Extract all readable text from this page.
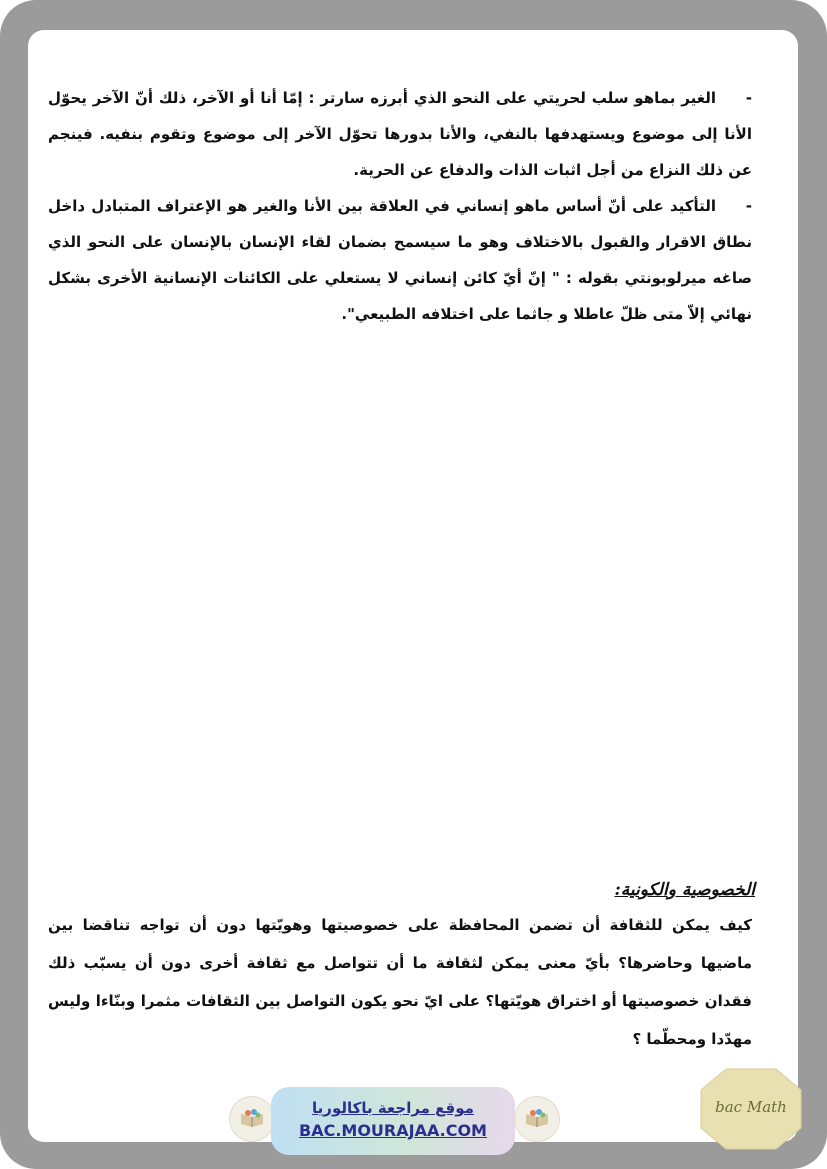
-الغير بماهو سلب لحريتي على النحو الذي أبرزه سارتر : إمّا أنا أو الآخر، ذلك أنّ الآخر يحوّل الأنا إلى موضوع ويستهدفها بالنفي، والأنا بدورها تحوّل الآخر إلى موضوع وتقوم بنفيه. فينجم عن ذلك النزاع من أجل اثبات الذات والدفاع عن الحرية.

-التأكيد على أنّ أساس ماهو إنساني في العلاقة بين الأنا والغير هو الإعتراف المتبادل داخل نطاق الاقرار والقبول بالاختلاف وهو ما سيسمح بضمان لقاء الإنسان بالإنسان على النحو الذي صاغه ميرلوبونتي بقوله : " إنّ أيّ كائن إنساني لا يستعلي على الكائنات الإنسانية الأخرى بشكل نهائي إلاّ متى ظلّ عاطلا و جاثما على اختلافه الطبيعي".

الخصوصية والكونية:
كيف يمكن للثقافة أن تضمن المحافظة على خصوصيتها وهويّتها دون أن تواجه تناقضا بين ماضيها وحاضرها؟ بأيّ معنى يمكن لثقافة ما أن تتواصل مع ثقافة أخرى دون أن يسبّب ذلك فقدان خصوصيتها أو اختراق هويّتها؟ على ايّ نحو يكون التواصل بين الثقافات مثمرا وبنّاءا وليس مهدّدا ومحطّما ؟
موقع مراجعة باكالوريا
BAC.MOURAJAA.COM
bac Math
